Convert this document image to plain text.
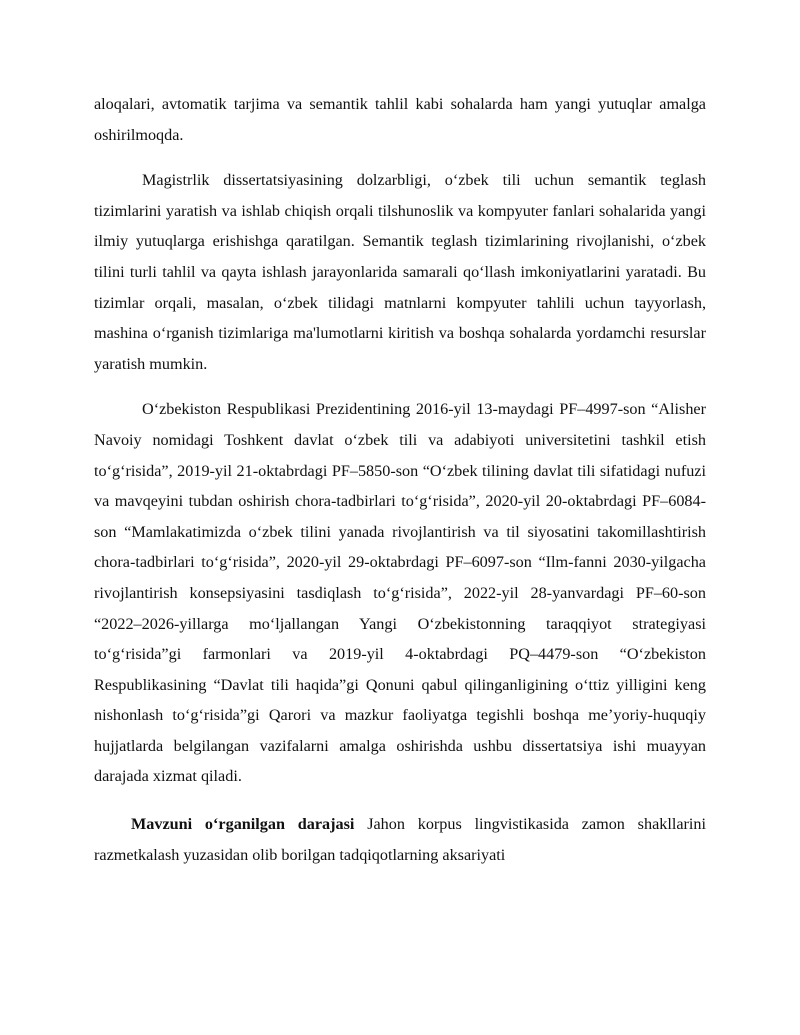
aloqalari, avtomatik tarjima va semantik tahlil kabi sohalarda ham yangi yutuqlar amalga oshirilmoqda.

Magistrlik dissertatsiyasining dolzarbligi, o‘zbek tili uchun semantik teglash tizimlarini yaratish va ishlab chiqish orqali tilshunoslik va kompyuter fanlari sohalarida yangi ilmiy yutuqlarga erishishga qaratilgan. Semantik teglash tizimlarining rivojlanishi, o‘zbek tilini turli tahlil va qayta ishlash jarayonlarida samarali qo‘llash imkoniyatlarini yaratadi. Bu tizimlar orqali, masalan, o‘zbek tilidagi matnlarni kompyuter tahlili uchun tayyorlash, mashina o‘rganish tizimlariga ma'lumotlarni kiritish va boshqa sohalarda yordamchi resurslar yaratish mumkin.

O‘zbekiston Respublikasi Prezidentining 2016-yil 13-maydagi PF–4997-son “Alisher Navoiy nomidagi Toshkent davlat o‘zbek tili va adabiyoti universitetini tashkil etish to‘g‘risida”, 2019-yil 21-oktabrdagi PF–5850-son “O‘zbek tilining davlat tili sifatidagi nufuzi va mavqeyini tubdan oshirish chora-tadbirlari to‘g‘risida”, 2020-yil 20-oktabrdagi PF–6084-son “Mamlakatimizda o‘zbek tilini yanada rivojlantirish va til siyosatini takomillashtirish chora-tadbirlari to‘g‘risida”, 2020-yil 29-oktabrdagi PF–6097-son “Ilm-fanni 2030-yilgacha rivojlantirish konsepsiyasini tasdiqlash to‘g‘risida”, 2022-yil 28-yanvardagi PF–60-son “2022–2026-yillarga mo‘ljallangan Yangi O‘zbekistonning taraqqiyot strategiyasi to‘g‘risida”gi farmonlari va 2019-yil 4-oktabrdagi PQ–4479-son “O‘zbekiston Respublikasining “Davlat tili haqida”gi Qonuni qabul qilinganligining o‘ttiz yilligini keng nishonlash to‘g‘risida”gi Qarori va mazkur faoliyatga tegishli boshqa me’yoriy-huquqiy hujjatlarda belgilangan vazifalarni amalga oshirishda ushbu dissertatsiya ishi muayyan darajada xizmat qiladi.

Mavzuni o‘rganilgan darajasi Jahon korpus lingvistikasida zamon shakllarini razmetkalash yuzasidan olib borilgan tadqiqotlarning aksariyati
